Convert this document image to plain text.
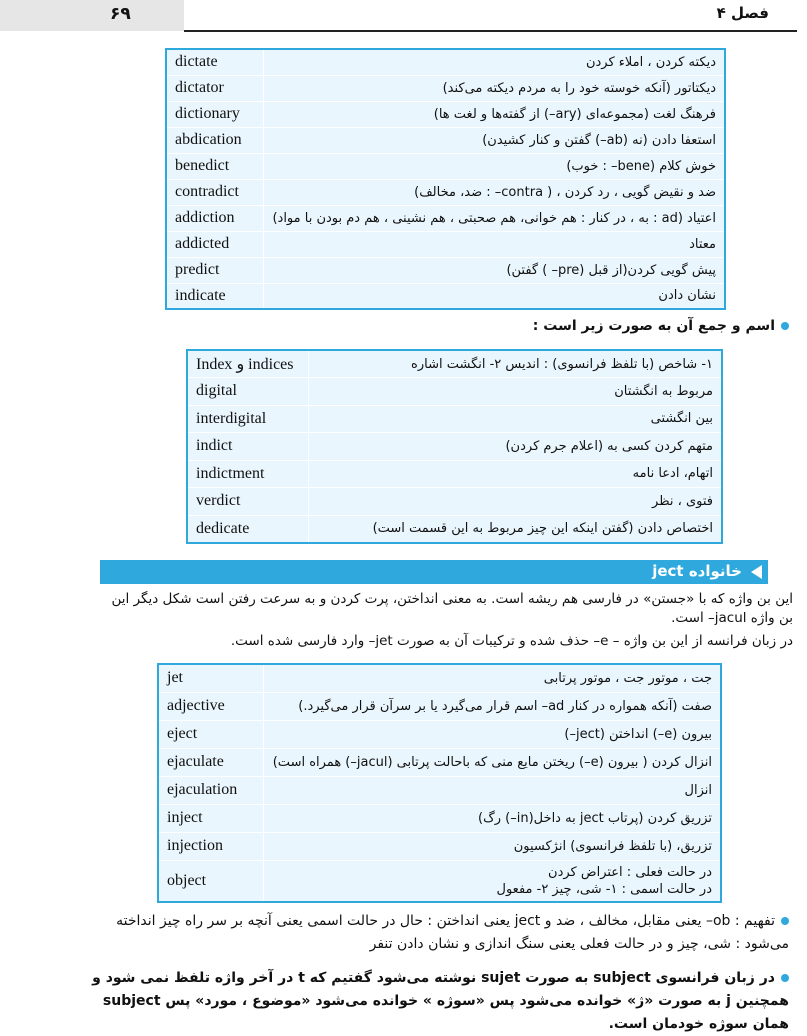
۶۹	فصل ۴
dictate	دیکته کردن ، املاء کردن
dictator	دیکتاتور (آنکه خوسته خود را به مردم دیکته می‌کند)
dictionary	فرهنگ لغت (مجموعه‌ای (ary–) از گفته‌ها و لغت ها)
abdication	استعفا دادن (نه (ab–) گفتن و کنار کشیدن)
benedict	خوش کلام (bene– : خوب)
contradict	ضد و نقیض گویی ، رد کردن ، ( contra– : ضد، مخالف)
addiction	اعتیاد (ad : به ، در کنار : هم خوانی، هم صحبتی ، هم نشینی ، هم دم بودن با مواد)
addicted	معتاد
predict	پیش گویی کردن(از قبل (pre– ) گفتن)
indicate	نشان دادن
اسم و جمع آن به صورت زیر است :
Index و indices	۱- شاخص (با تلفظ فرانسوی) : اندیس ۲- انگشت اشاره
digital	مربوط به انگشتان
interdigital	بین انگشتی
indict	متهم کردن کسی به (اعلام جرم کردن)
indictment	اتهام، ادعا نامه
verdict	فتوی ، نظر
dedicate	اختصاص دادن (گفتن اینکه این چیز مربوط به این قسمت است)
خانواده ject
این بن واژه که با «جستن» در فارسی هم ریشه است. به معنی انداختن، پرت کردن و به سرعت رفتن است شکل دیگر این بن واژه jacul– است.
در زبان فرانسه از این بن واژه – e– حذف شده و ترکیبات آن به صورت jet– وارد فارسی شده است.
jet	جت ، موتور جت ، موتور پرتابی
adjective	صفت (آنکه همواره در کنار ad– اسم قرار می‌گیرد یا بر سرآن قرار می‌گیرد.)
eject	بیرون (e–) انداختن (ject–)
ejaculate	انزال کردن ( بیرون (e–) ریختن مایع منی که باحالت پرتابی (jacul–) همراه است)
ejaculation	انزال
inject	تزریق کردن (پرتاب ject به داخل(in–) رگ)
injection	تزریق، (با تلفظ فرانسوی) انژکسیون
object	در حالت فعلی : اعتراض کردن
در حالت اسمی : ۱- شی، چیز ۲- مفعول
تفهیم : ob– یعنی مقابل، مخالف ، ضد و ject یعنی انداختن : حال در حالت اسمی یعنی آنچه بر سر راه چیز انداخته می‌شود : شی، چیز و در حالت فعلی یعنی سنگ اندازی و نشان دادن تنفر
در زبان فرانسوی subject به صورت sujet نوشته می‌شود گفتیم که t در آخر واژه تلفظ نمی شود و همچنین j به صورت «ژ» خوانده می‌شود پس «سوژه » خوانده می‌شود «موضوع ، مورد» پس subject همان سوژه خودمان است.
